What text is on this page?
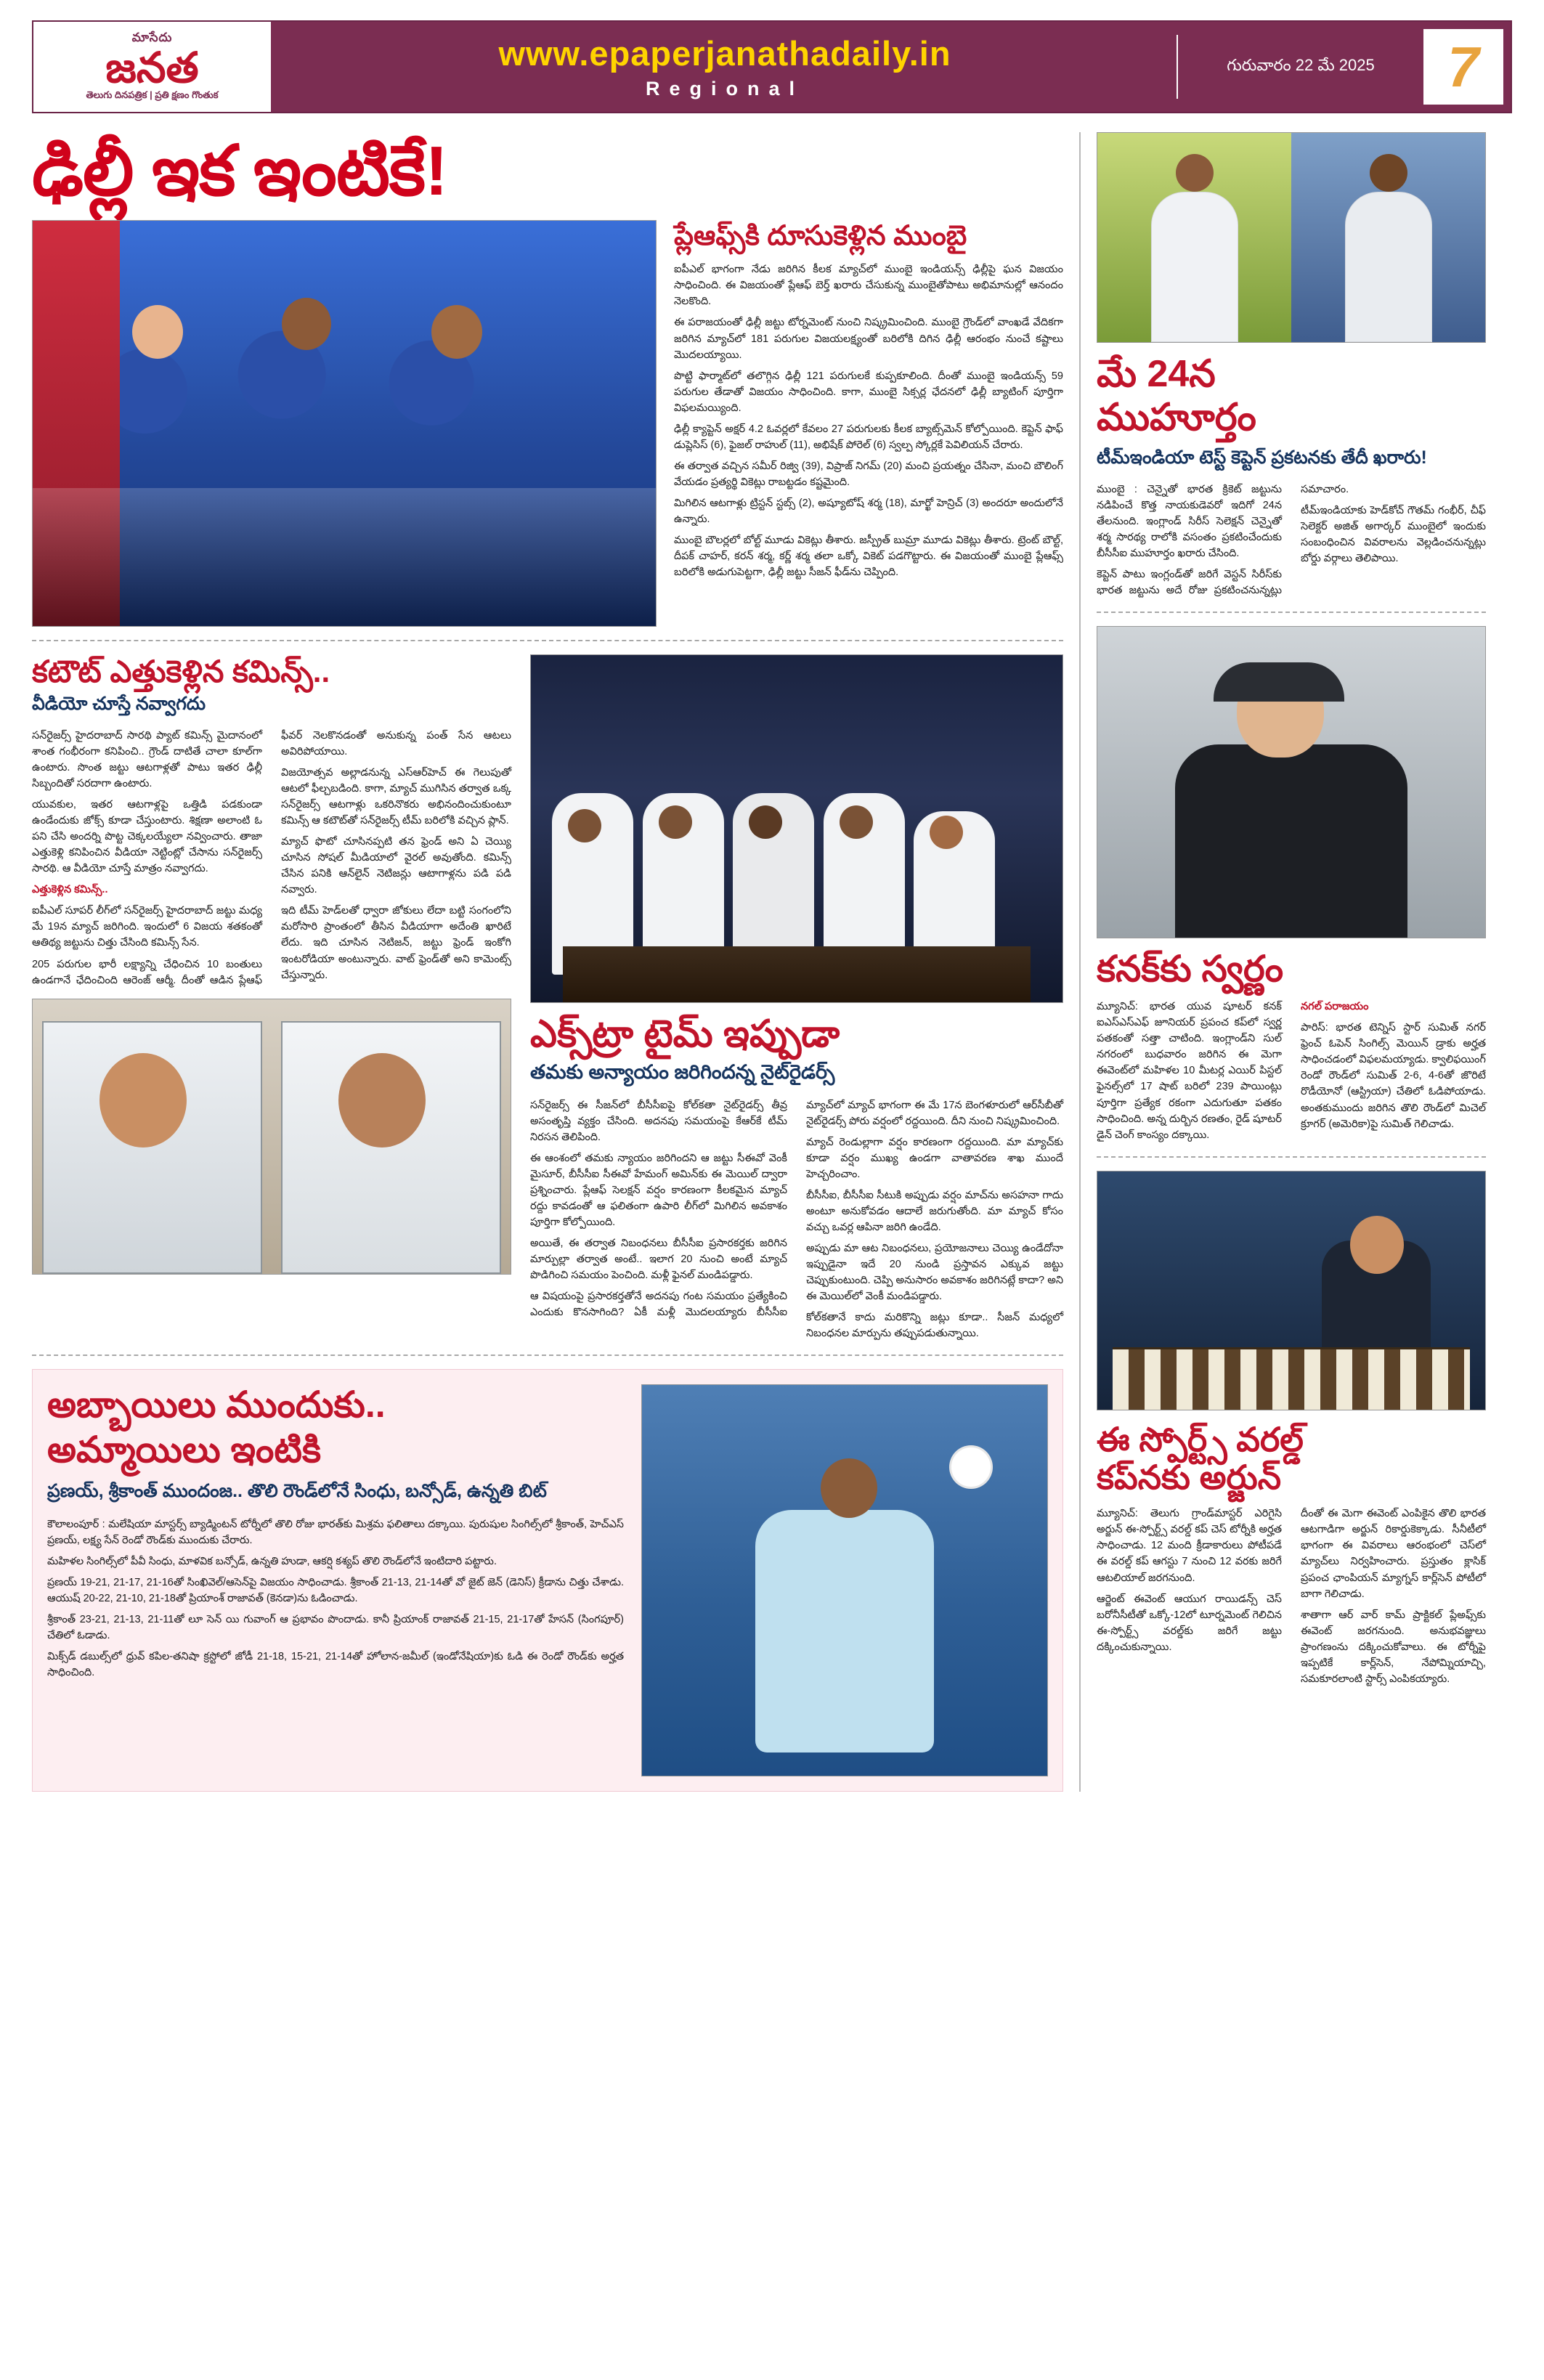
మాసేదు
జనత
తెలుగు దినపత్రిక | ప్రతి క్షణం గొంతుక
www.epaperjanathadaily.in
Regional
గురువారం 22 మే 2025	7
ఢిల్లీ ఇక ఇంటికే!
ప్లేఆఫ్స్‌కి దూసుకెళ్లిన ముంబై

ఐపీఎల్‌ భాగంగా నేడు జరిగిన కీలక మ్యాచ్‌లో ముంబై ఇండియన్స్‌ ఢిల్లీపై ఘన విజయం సాధించింది. ఈ విజయంతో ప్లేఆఫ్‌ బెర్త్‌ ఖరారు చేసుకున్న ముంబైతోపాటు అభిమానుల్లో ఆనందం నెలకొంది.

ఈ పరాజయంతో ఢిల్లీ జట్టు టోర్నమెంట్‌ నుంచి నిష్క్రమించింది. ముంబై గ్రౌండ్‌లో వాంఖడే వేదికగా జరిగిన మ్యాచ్‌లో 181 పరుగుల విజయలక్ష్యంతో బరిలోకి దిగిన ఢిల్లీ ఆరంభం నుంచే కష్టాలు మొదలయ్యాయి.

పొట్టి ఫార్మాట్‌లో తలొగ్గిన ఢిల్లీ 121 పరుగులకే కుప్పకూలింది. దీంతో ముంబై ఇండియన్స్‌ 59 పరుగుల తేడాతో విజయం సాధించింది. కాగా, ముంబై సిక్సర్ల ఛేదనలో ఢిల్లీ బ్యాటింగ్‌ పూర్తిగా విఫలమయ్యింది.

ఢిల్లీ క్యాప్టెన్‌ అక్షర్‌ 4.2 ఓవర్లలో కేవలం 27 పరుగులకు కీలక బ్యాట్స్‌మెన్‌ కోల్పోయింది. కెప్టెన్‌ ఫాఫ్‌ డుప్లెసిస్‌ (6), ఫైజల్‌ రాహుల్‌ (11), అభిషేక్‌ పోరెల్‌ (6) స్వల్ప స్కోర్లకే పెవిలియన్‌ చేరారు.

ఈ తర్వాత వచ్చిన సమీర్‌ రిజ్వి (39), విప్రాజ్‌ నిగమ్‌ (20) మంచి ప్రయత్నం చేసినా, మంచి బౌలింగ్‌ వేయడం ప్రత్యర్థి వికెట్లు రాబట్టడం కష్టమైంది.

మిగిలిన ఆటగాళ్లు ట్రిస్టన్‌ స్టబ్స్‌ (2), అష్యూటోష్‌ శర్మ (18), మార్ఖో హెన్రిచ్‌ (3) అందరూ అందులోనే ఉన్నారు.

ముంబై బౌలర్లలో బోల్ట్‌ మూడు వికెట్లు తీశారు. జస్ప్రీత్‌ బుమ్రా మూడు వికెట్లు తీశారు. ట్రెంట్‌ బౌల్ట్‌, దీపక్‌ చాహర్‌, కరన్‌ శర్మ, కర్ణ్‌ శర్మ తలా ఒక్కో వికెట్‌ పడగొట్టారు. ఈ విజయంతో ముంబై ప్లేఆఫ్స్‌ బరిలోకి అడుగుపెట్టగా, ఢిల్లీ జట్టు సీజన్‌ ఫీడ్‌ను చెప్పింది.

కటౌట్ ఎత్తుకెళ్లిన కమిన్స్..
వీడియో చూస్తే నవ్వాగదు

సన్‌రైజర్స్‌ హైదరాబాద్‌ సారథి ప్యాట్‌ కమిన్స్‌ మైదానంలో శాంత గంభీరంగా కనిపించి.. గ్రౌండ్‌ దాటితే చాలా కూల్‌గా ఉంటారు. సొంత జట్టు ఆటగాళ్లతో పాటు ఇతర ఢిల్లీ సిబ్బందితో సరదాగా ఉంటారు.

యువకుల, ఇతర ఆటగాళ్లపై ఒత్తిడి పడకుండా ఉండేందుకు జోక్స్‌ కూడా చేస్తుంటారు. శిక్షణా అలాంటి ఓ పని చేసి అందర్ని పొట్ట చెక్కలయ్యేలా నవ్వించారు. తాజా ఎత్తుకెళ్లి కనిపించిన వీడియా నెట్టింట్లో చేసాను సన్‌రైజర్స్‌ సారథి. ఆ వీడియో చూస్తే మాత్రం నవ్వాగదు.

ఎత్తుకెళ్లిన కమిన్స్..

ఐపీఎల్‌ సూపర్‌ లీగ్‌లో సన్‌రైజర్స్‌ హైదరాబాద్‌ జట్టు మధ్య మే 19న మ్యాచ్‌ జరిగింది. ఇందులో 6 విజయ శతకంతో ఆతిథ్య జట్టును చిత్తు చేసింది కమిన్స్‌ సేన.

205 పరుగుల భారీ లక్ష్యాన్ని చేధించిన 10 బంతులు ఉండగానే ఛేదించింది ఆరెంజ్‌ ఆర్మీ. దీంతో ఆడిన ప్లేఆఫ్‌ ఫీవర్‌ నెలకొనడంతో అనుకున్న పంత్‌ సేన ఆటలు అవిరిపోయాయి.

విజయోత్సవ అల్లాడనున్న ఎస్‌ఆర్‌హెచ్‌ ఈ గెలుపుతో ఆటలో ఫీల్చబడింది. కాగా, మ్యాచ్‌ ముగిసిన తర్వాత ఒక్క సన్‌రైజర్స్‌ ఆటగాళ్లు ఒకరినొకరు అభినందించుకుంటూ కమిన్స్‌ ఆ కటౌట్‌తో సన్‌రైజర్స్‌ టీమ్‌ బరిలోకి వచ్చిన ప్లాన్‌.

మ్యాచ్‌ ఫొటో చూసినప్పటి తన ఫ్రెండ్‌ అని ఏ చెయ్యి చూసిన సోషల్‌ మీడియాలో వైరల్‌ అవుతోంది. కమిన్స్‌ చేసిన పనికి ఆన్‌లైన్‌ నెటిజన్లు ఆటాగాళ్లను పడి పడి నవ్వారు.

ఇది టీమ్‌ హెడ్‌లతో ధ్వారా జోకులు లేదా బట్టి సంగంలోని మరోసారి ప్రాంతంలో తీసిన వీడియాగా అదేంతి ఖారిటే లేదు. ఇది చూసిన నెటిజన్‌, జట్టు ఫ్రెండ్‌ ఇంకోగి ఇంటరోడియా అంటున్నారు. వాట్‌ ఫ్రెండ్‌తో అని కామెంట్స్‌ చేస్తున్నారు.

ఎక్స్‌ట్రా టైమ్ ఇప్పుడా
తమకు అన్యాయం జరిగిందన్న నైట్‌రైడర్స్

సన్‌రైజర్స్‌ ఈ సీజన్‌లో బీసీసీఐపై కోల్‌కతా నైట్‌రైడర్స్‌ తీవ్ర అసంతృప్తి వ్యక్తం చేసింది. అదనపు సమయంపై కేఆర్‌కే టీమ్‌ నిరసన తెలిపింది.

ఈ ఆంశంలో తమకు న్యాయం జరిగిందని ఆ జట్టు సీఈవో వెంకీ మైసూర్‌, బీసీసీఐ సీఈవో హేమంగ్‌ అమిన్‌కు ఈ మెయిల్‌ ద్వారా ప్రశ్నించారు. ప్లేఆఫ్‌ సెలక్షన్‌ వర్షం కారణంగా కీలకమైన మ్యాచ్‌ రద్దు కావడంతో ఆ ఫలితంగా ఉపారి లీగ్‌లో మిగిలిన అవకాశం పూర్తిగా కోల్పోయింది.

అయితే, ఈ తర్వాత నిబంధనలు బీసీసీఐ ప్రసారకర్తకు జరిగిన మార్పుల్లా తర్వాత అంటే.. ఇలాగ 20 నుంచి అంటే మ్యాచ్‌ పొడిగించి సమయం పెంచింది. మళ్లీ ఫైనల్‌ మండిపడ్డారు.

ఆ విషయంపై ప్రసారకర్తతోనే అదనపు గంట సమయం ప్రత్యేకించి ఎందుకు కొనసాగింది? ఏకీ మళ్లీ మొదలయ్యారు బీసీసీఐ మ్యాచ్‌లో మ్యాచ్‌ భాగంగా ఈ మే 17న బెంగళూరులో ఆర్‌సీబీతో నైట్‌రైడర్స్‌ పోరు వర్షంలో రద్దయింది. దీని నుంచి నిష్క్రమించింది.

మ్యాచ్‌ రెండుల్లాగా వర్షం కారణంగా రద్దయింది. మా మ్యాచ్‌కు కూడా వర్షం ముఖ్య ఉండగా వాతావరణ శాఖ ముందే హెచ్చరించాం.

బీసీసీఐ, బీసీసీఐ సీటుకి అప్పుడు వర్షం మాచ్‌ను అసహనా గాదు అంటూ అనుకోవడం ఆదాలే జరుగుతోంది. మా మ్యాచ్‌ కోసం వచ్చు ఒవర్ల ఆపినా జరిగి ఉండేది.

అప్పుడు మా ఆట నిబంధనలు, ప్రయోజనాలు చెయ్యి ఉండేదోనా ఇప్పుడైనా ఇదే 20 నుండి ప్రస్తావన ఎక్కువ జట్టు చెప్పుకుంటుంది. చెప్పి అనుసారం అవకాశం జరిగినట్లే కాదా? అని ఈ మెయిల్‌లో వెంకీ మండిపడ్డారు.

కోల్‌కతానే కాదు మరికొన్ని జట్లు కూడా.. సీజన్‌ మధ్యలో నిబంధనల మార్పును తప్పుపడుతున్నాయి.

అబ్బాయిలు ముందుకు..
అమ్మాయిలు ఇంటికి
ప్రణయ్, శ్రీకాంత్ ముందంజ.. తొలి రౌండ్‌లోనే సింధు, బన్సోడ్, ఉన్నతి బిట్

కౌలాలంపూర్‌ : మలేషియా మాస్టర్స్‌ బ్యాడ్మింటన్‌ టోర్నీలో తొలి రోజు భారత్‌కు మిశ్రమ ఫలితాలు దక్కాయి. పురుషుల సింగిల్స్‌లో శ్రీకాంత్‌, హెచ్‌ఎస్‌ ప్రణయ్‌, లక్ష్య సేన్‌ రెండో రౌండ్‌కు ముందుకు చేరారు.

మహిళల సింగిల్స్‌లో పీవీ సింధు, మాళవిక బన్సోడ్‌, ఉన్నతి హుడా, ఆకర్షి కశ్యప్‌ తొలి రౌండ్‌లోనే ఇంటిదారి పట్టారు.

ప్రణయ్‌ 19-21, 21-17, 21-16తో సింఖివెల్‌/ఆసెన్‌పై విజయం సాధించాడు. శ్రీకాంత్‌ 21-13, 21-14తో వో జైట్‌ జెన్‌ (డెనిస్‌) క్రీడాను చిత్తు చేశాడు. ఆయుష్‌ 20-22, 21-10, 21-18తో ప్రియాంశ్‌ రాజావత్‌ (కెనడా)ను ఓడించాడు.

శ్రీకాంత్‌ 23-21, 21-13, 21-11తో లూ సెన్‌ యి గువాంగ్‌ ఆ ప్రభావం పొందాడు. కానీ ప్రియాంక్‌ రాజావత్‌ 21-15, 21-17తో హేసన్‌ (సింగపూర్‌) చేతిలో ఓడాడు.

మిక్స్‌డ్ డబుల్స్‌లో ధ్రువ్‌ కపిల-తనిషా క్రస్టోలో జోడీ 21-18, 15-21, 21-14తో హోలాన-జమీల్‌ (ఇండోనేషియా)కు ఓడి ఈ రెండో రౌండ్‌కు అర్హత సాధించింది.

మే 24న
ముహూర్తం
టీమ్ఇండియా టెస్ట్ కెప్టెన్ ప్రకటనకు తేదీ ఖరారు!

ముంబై : చెన్నైతో భారత క్రికెట్‌ జట్టును నడిపించే కొత్త నాయకుడెవరో ఇదిగో 24న తేలనుంది. ఇంగ్లాండ్‌ సిరీస్‌ సెలెక్షన్‌ చెన్నైతో శర్మ సారథ్య రాలోకి వసంతం ప్రకటించేందుకు బీసీసీఐ ముహూర్తం ఖరారు చేసింది.

కెప్టెన్‌ పాటు ఇంగ్లండ్‌తో జరిగే వెస్టన్‌ సిరీస్‌కు భారత జట్టును అదే రోజు ప్రకటించనున్నట్లు సమాచారం.

టీమ్ఇండియాకు హెడ్‌కోచ్‌ గౌతమ్‌ గంభీర్‌, చీఫ్‌ సెలెక్టర్‌ అజిత్‌ అగార్కర్‌ ముంబైలో ఇందుకు సంబంధించిన వివరాలను వెల్లడించనున్నట్లు బోర్డు వర్గాలు తెలిపాయి.

కనక్‌కు స్వర్ణం

మ్యూనిచ్‌: భారత యువ షూటర్‌ కనక్‌ ఐఎస్‌ఎస్‌ఎఫ్‌ జూనియర్‌ ప్రపంచ కప్‌లో స్వర్ణ పతకంతో సత్తా చాటింది. ఇంగ్లాండ్‌ని సుల్‌ నగరంలో బుధవారం జరిగిన ఈ మెగా ఈవెంట్‌లో మహిళల 10 మీటర్ల ఎయిర్‌ పిస్టల్‌ ఫైనల్స్‌లో 17 షాట్‌ బరిలో 239 పాయింట్లు పూర్తిగా ప్రత్యేక రకంగా ఎదుగుతూ పతకం సాధించింది. అన్న దుర్బిన రణతం, రైడ్‌ షూటర్‌ డైన్‌ చెంగ్‌ కాంస్యం దక్కాయి.

నగల్‌ పరాజయం

పారిస్‌: భారత టెన్నిస్‌ స్టార్‌ సుమిత్‌ నగర్‌ ఫ్రెంచ్‌ ఓపెన్‌ సింగిల్స్‌ మెయిన్‌ డ్రాకు అర్హత సాధించడంలో విఫలమయ్యాడు. క్వాలిఫయింగ్‌ రెండో రౌండ్‌లో సుమిత్‌ 2-6, 4-6తో జొరిటే రొడీయోనో (ఆస్ట్రియా) చేతిలో ఓడిపోయాడు. అంతకుముందు జరిగిన తొలి రౌండ్‌లో మిచెల్‌ క్రూగర్‌ (అమెరికా)పై సుమిత్‌ గెలిచాడు.

ఈ స్పోర్ట్స్ వరల్డ్
కప్‌నకు అర్జున్

మ్యూనిచ్‌: తెలుగు గ్రాండ్‌మాస్టర్‌ ఎరిగైసి అర్జున్‌ ఈ-స్పోర్ట్స్‌ వరల్డ్‌ కప్‌ చెస్‌ టోర్నీకి అర్హత సాధించాడు. 12 మంది క్రీడాకారులు పోటీపడే ఈ వరల్డ్‌ కప్‌ ఆగస్టు 7 నుంచి 12 వరకు జరిగే ఆటలియాల్‌ జరగనుంది.

ఆర్జెంట్‌ ఈవెంట్‌ ఆయుగ రాయిడన్స్‌ చెస్‌ బరోనీసీటీతో ఒక్కో-12లో టూర్నమెంట్‌ గెలిచిన ఈ-స్పోర్ట్స్‌ వరల్డ్‌కు జరిగే జట్టు దక్కించుకున్నాయి.

దీంతో ఈ మెగా ఈవెంట్‌ ఎంపికైన తొలి భారత ఆటగాడిగా అర్జున్‌ రికార్డుకెక్కాడు. సీనీటీలో భాగంగా ఈ వివరాలు ఆరంభంలో చెస్‌లో మ్యాచ్‌లు నిర్వహించారు. ప్రస్తుతం క్లాసిక్‌ ప్రపంచ ఛాంపియన్‌ మ్యాగ్నస్‌ కార్ల్‌సెన్‌ పోటీలో బాగా గెలిచాడు.

శాతాగా ఆర్‌ వార్‌ కామ్‌ ప్రాక్టికల్‌ ప్లేఅఫ్స్‌కు ఈవెంట్‌ జరగనుంది. అనుభవజ్ఞులు ప్రాంగణంను దక్కించుకోవాలు. ఈ టోర్నీపై ఇప్పటికే కార్ల్‌సెన్‌, నేపోమ్నియాచ్చి, సమకూరలాంటి స్టార్స్‌ ఎంపికయ్యారు.
